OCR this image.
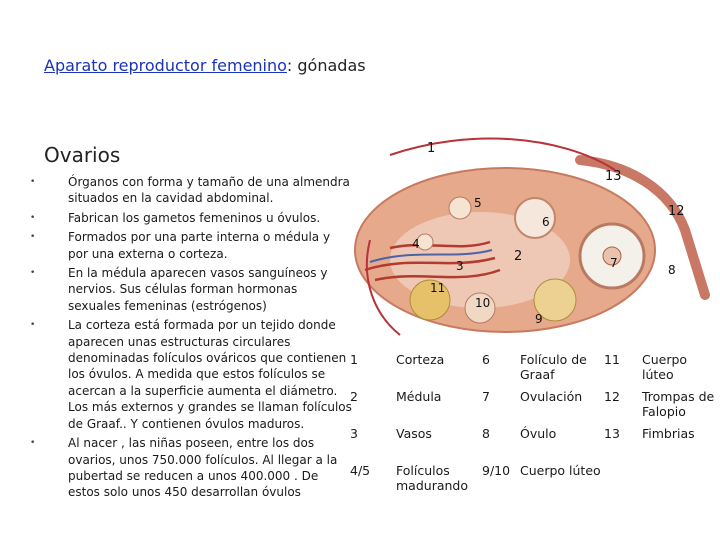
Aparato reproductor femenino: gónadas
Ovarios
•	Órganos con forma y tamaño de una almendra situados en la cavidad abdominal.
•	Fabrican los gametos femeninos u óvulos.
•	Formados por una parte interna o médula y por una externa o corteza.
•	En la médula aparecen vasos sanguíneos y nervios. Sus células forman hormonas sexuales femeninas (estrógenos)
•	La corteza está formada por un tejido donde aparecen unas estructuras circulares denominadas folículos ováricos que contienen los óvulos. A medida que estos folículos se acercan a la superficie aumenta el diámetro. Los más externos y grandes se llaman folículos de Graaf.. Y contienen óvulos maduros.
•	Al nacer , las niñas poseen, entre los dos ovarios, unos 750.000 folículos. Al llegar a la pubertad se reducen a unos 400.000 . De estos solo unos 450 desarrollan óvulos
1
13
12
5
6
4
2
3	7	8
11
10
9
1	Corteza	6	Folículo de Graaf	11	Cuerpo lúteo
2	Médula	7	Ovulación	12	Trompas de Falopio
3	Vasos	8	Óvulo	13	Fimbrias
4/5	Folículos madurando	9/10	Cuerpo lúteo		
